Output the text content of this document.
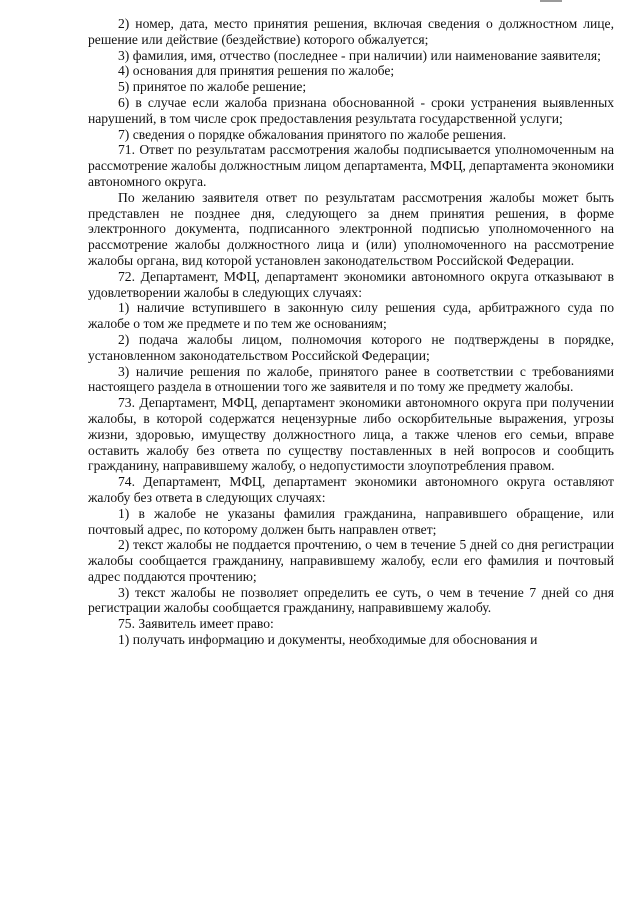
2) номер, дата, место принятия решения, включая сведения о должностном лице, решение или действие (бездействие) которого обжалуется;

3) фамилия, имя, отчество (последнее - при наличии) или наименование заявителя;

4) основания для принятия решения по жалобе;

5) принятое по жалобе решение;

6) в случае если жалоба признана обоснованной - сроки устранения выявленных нарушений, в том числе срок предоставления результата государственной услуги;

7) сведения о порядке обжалования принятого по жалобе решения.

71. Ответ по результатам рассмотрения жалобы подписывается уполномоченным на рассмотрение жалобы должностным лицом департамента, МФЦ, департамента экономики автономного округа.

По желанию заявителя ответ по результатам рассмотрения жалобы может быть представлен не позднее дня, следующего за днем принятия решения, в форме электронного документа, подписанного электронной подписью уполномоченного на рассмотрение жалобы должностного лица и (или) уполномоченного на рассмотрение жалобы органа, вид которой установлен законодательством Российской Федерации.

72. Департамент, МФЦ, департамент экономики автономного округа отказывают в удовлетворении жалобы в следующих случаях:

1) наличие вступившего в законную силу решения суда, арбитражного суда по жалобе о том же предмете и по тем же основаниям;

2) подача жалобы лицом, полномочия которого не подтверждены в порядке, установленном законодательством Российской Федерации;

3) наличие решения по жалобе, принятого ранее в соответствии с требованиями настоящего раздела в отношении того же заявителя и по тому же предмету жалобы.

73. Департамент, МФЦ, департамент экономики автономного округа при получении жалобы, в которой содержатся нецензурные либо оскорбительные выражения, угрозы жизни, здоровью, имуществу должностного лица, а также членов его семьи, вправе оставить жалобу без ответа по существу поставленных в ней вопросов и сообщить гражданину, направившему жалобу, о недопустимости злоупотребления правом.

74. Департамент, МФЦ, департамент экономики автономного округа оставляют жалобу без ответа в следующих случаях:

1) в жалобе не указаны фамилия гражданина, направившего обращение, или почтовый адрес, по которому должен быть направлен ответ;

2) текст жалобы не поддается прочтению, о чем в течение 5 дней со дня регистрации жалобы сообщается гражданину, направившему жалобу, если его фамилия и почтовый адрес поддаются прочтению;

3) текст жалобы не позволяет определить ее суть, о чем в течение 7 дней со дня регистрации жалобы сообщается гражданину, направившему жалобу.

75. Заявитель имеет право:

1) получать информацию и документы, необходимые для обоснования и
